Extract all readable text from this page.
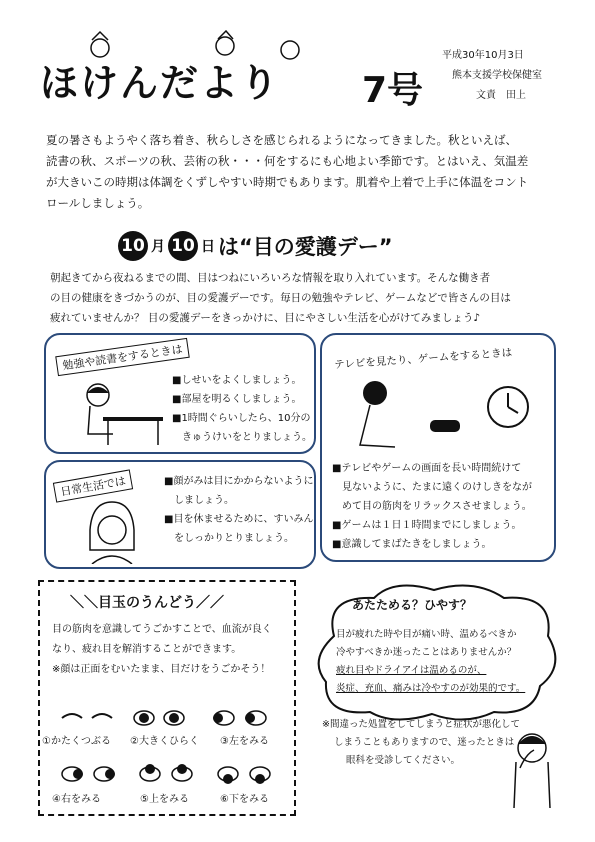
ほけんだより 7号
平成30年10月3日
熊本支援学校保健室
文責　田上
夏の暑さもようやく落ち着き、秋らしさを感じられるようになってきました。秋といえば、
読書の秋、スポーツの秋、芸術の秋・・・何をするにも心地よい季節です。とはいえ、気温差
が大きいこの時期は体調をくずしやすい時期でもあります。肌着や上着で上手に体温をコント
ロールしましょう。
10 月 10 日 は“目の愛護デー”
朝起きてから夜ねるまでの間、目はつねにいろいろな情報を取り入れています。そんな働き者
の目の健康をきづかうのが、目の愛護デーです。毎日の勉強やテレビ、ゲームなどで皆さんの目は
疲れていませんか？ 目の愛護デーをきっかけに、目にやさしい生活を心がけてみましょう♪
勉強や読書をするときは
■しせいをよくしましょう。
■部屋を明るくしましょう。
■1時間ぐらいしたら、10分の
きゅうけいをとりましょう。
テレビを見たり、ゲームをするときは
■テレビやゲームの画面を長い時間続けて
見ないように、たまに遠くのけしきをなが
めて目の筋肉をリラックスさせましょう。
■ゲームは１日１時間までにしましょう。
■意識してまばたきをしましょう。
日常生活では	■顔がみは目にかからないように
しましょう。
■目を休ませるために、すいみん
をしっかりとりましょう。
＼＼目玉のうんどう／／
目の筋肉を意識してうごかすことで、血流が良く
なり、疲れ目を解消することができます。
※顔は正面をむいたまま、目だけをうごかそう！
①かたくつぶる ②大きくひらく ③左をみる
④右をみる	⑤上をみる	⑥下をみる
あたためる？ひやす？
目が疲れた時や目が痛い時、温めるべきか
冷やすべきか迷ったことはありませんか？
疲れ目やドライアイは温めるのが、
炎症、充血、痛みは冷やすのが効果的です。
※間違った処置をしてしまうと症状が悪化して
しまうこともありますので、迷ったときは
眼科を受診してください。
